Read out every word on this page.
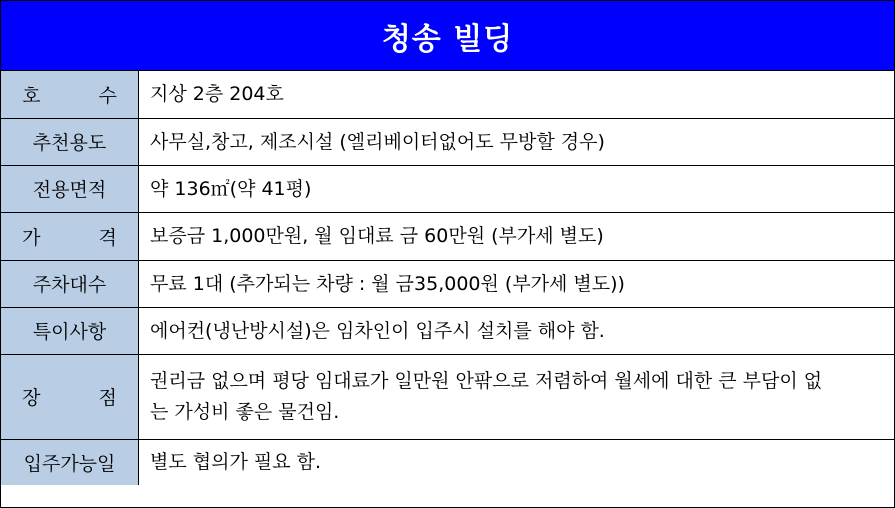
청송 빌딩
호 수	지상 2층 204호
추천용도	사무실,창고, 제조시설 (엘리베이터없어도 무방할 경우)
전용면적	약 136㎡(약 41평)
가 격	보증금 1,000만원, 월 임대료 금 60만원 (부가세 별도)
주차대수	무료 1대 (추가되는 차량 : 월 금35,000원 (부가세 별도))
특이사항	에어컨(냉난방시설)은 임차인이 입주시 설치를 해야 함.
장 점	권리금 없으며 평당 임대료가 일만원 안팎으로 저렴하여 월세에 대한 큰 부담이 없는 가성비 좋은 물건임.
입주가능일	별도 협의가 필요 함.
